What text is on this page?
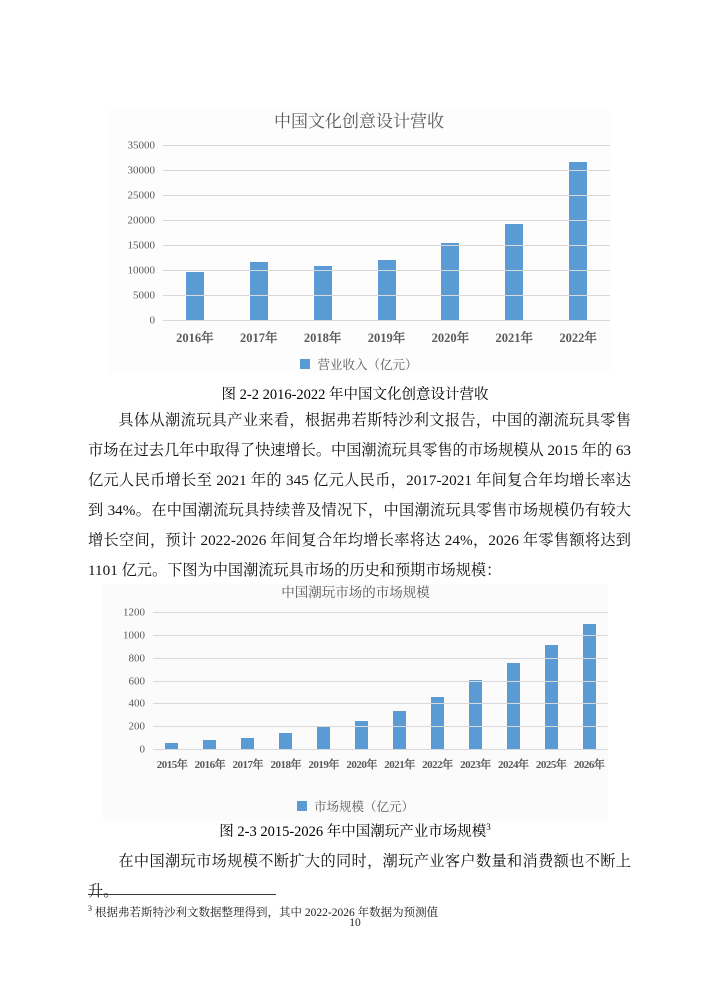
中国文化创意设计营收
0
5000
10000
15000
20000
25000
30000
35000
2016年	2017年	2018年	2019年	2020年	2021年	2022年
营业收入（亿元）
图 2-2 2016-2022 年中国文化创意设计营收
具体从潮流玩具产业来看，根据弗若斯特沙利文报告，中国的潮流玩具零售市场在过去几年中取得了快速增长。中国潮流玩具零售的市场规模从 2015 年的 63 亿元人民币增长至 2021 年的 345 亿元人民币，2017-2021 年间复合年均增长率达到 34%。在中国潮流玩具持续普及情况下，中国潮流玩具零售市场规模仍有较大增长空间，预计 2022-2026 年间复合年均增长率将达 24%，2026 年零售额将达到 1101 亿元。下图为中国潮流玩具市场的历史和预期市场规模：
中国潮玩市场的市场规模
0
200
400
600
800
1000
1200
2015年 2016年 2017年 2018年 2019年 2020年 2021年 2022年 2023年 2024年 2025年 2026年
市场规模（亿元）
图 2-3 2015-2026 年中国潮玩产业市场规模$^3$
在中国潮玩市场规模不断扩大的同时，潮玩产业客户数量和消费额也不断上升。
$^3$ 根据弗若斯特沙利文数据整理得到，其中 2022-2026 年数据为预测值
10
